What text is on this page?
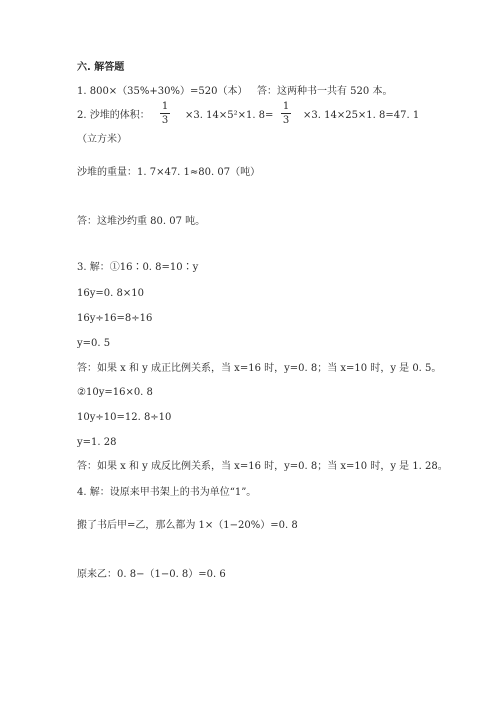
六. 解答题
1. 800×（35%+30%）=520（本） 答：这两种书一共有 520 本。
2. 沙堆的体积：
1
3	×3. 14×5²×1. 8=
1
3	×3. 14×25×1. 8=47. 1
（立方米）
沙堆的重量：1. 7×47. 1≈80. 07（吨）
答：这堆沙约重 80. 07 吨。
3. 解：①16∶0. 8=10∶y
16y=0. 8×10
16y÷16=8÷16
y=0. 5
答：如果 x 和 y 成正比例关系，当 x=16 时，y=0. 8；当 x=10 时，y 是 0. 5。
②10y=16×0. 8
10y÷10=12. 8÷10
y=1. 28
答：如果 x 和 y 成反比例关系，当 x=16 时，y=0. 8；当 x=10 时，y 是 1. 28。
4. 解：设原来甲书架上的书为单位“1”。
搬了书后甲=乙，那么都为 1×（1−20%）=0. 8
原来乙：0. 8−（1−0. 8）=0. 6
